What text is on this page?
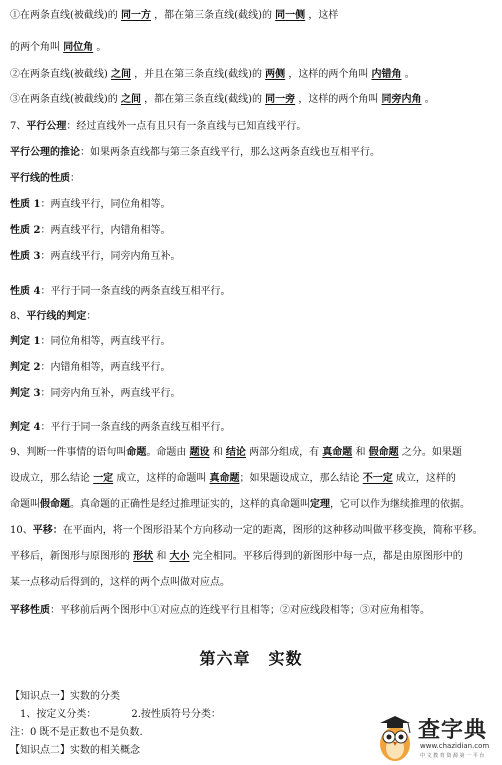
①在两条直线(被截线)的 同一方 ，都在第三条直线(截线)的 同一侧 ，这样
的两个角叫 同位角 。
②在两条直线(被截线) 之间 ，并且在第三条直线(截线)的 两侧 ，这样的两个角叫 内错角 。
③在两条直线(被截线)的 之间 ，都在第三条直线(截线)的 同一旁 ，这样的两个角叫 同旁内角 。
7、平行公理：经过直线外一点有且只有一条直线与已知直线平行。
平行公理的推论：如果两条直线都与第三条直线平行，那么这两条直线也互相平行。
平行线的性质：
性质 1：两直线平行，同位角相等。
性质 2：两直线平行，内错角相等。
性质 3：两直线平行，同旁内角互补。
性质 4：平行于同一条直线的两条直线互相平行。
8、平行线的判定：
判定 1：同位角相等，两直线平行。
判定 2：内错角相等，两直线平行。
判定 3：同旁内角互补，两直线平行。
判定 4：平行于同一条直线的两条直线互相平行。
9、判断一件事情的语句叫命题。命题由 题设 和 结论 两部分组成，有 真命题 和 假命题 之分。如果题
设成立，那么结论 一定 成立，这样的命题叫 真命题；如果题设成立，那么结论 不一定 成立，这样的
命题叫假命题。真命题的正确性是经过推理证实的，这样的真命题叫定理，它可以作为继续推理的依据。
10、平移：在平面内，将一个图形沿某个方向移动一定的距离，图形的这种移动叫做平移变换，简称平移。
平移后，新图形与原图形的 形状 和 大小 完全相同。平移后得到的新图形中每一点，都是由原图形中的
某一点移动后得到的，这样的两个点叫做对应点。
平移性质：平移前后两个图形中①对应点的连线平行且相等；②对应线段相等；③对应角相等。
【知识点一】实数的分类
　1、按定义分类：　　　　2.按性质符号分类：
注：0 既不是正数也不是负数.
【知识点二】实数的相关概念
第六章 实数
查字典
www.chazidian.com
中 文 教 育 资 源 第 一 平 台
